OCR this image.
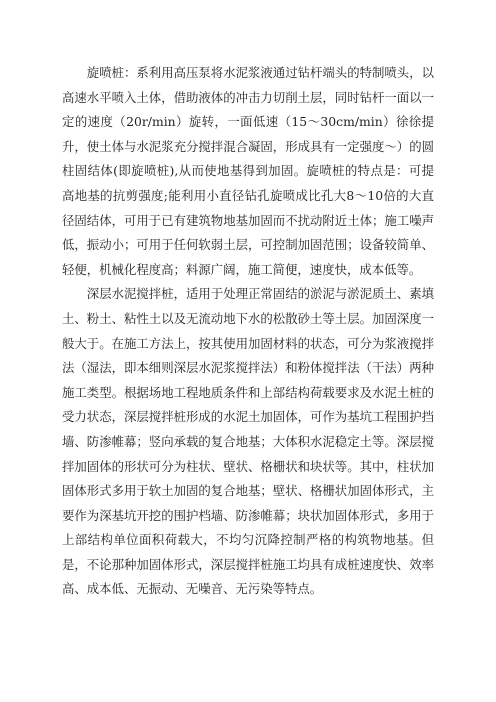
旋喷桩：系利用高压泵将水泥浆液通过钻杆端头的特制喷头，以高速水平喷入土体，借助液体的冲击力切削土层，同时钻杆一面以一定的速度（20r/min）旋转，一面低速（15～30cm/min）徐徐提升，使土体与水泥浆充分搅拌混合凝固，形成具有一定强度～）的圆柱固结体(即旋喷桩),从而使地基得到加固。旋喷桩的特点是：可提高地基的抗剪强度;能利用小直径钻孔旋喷成比孔大8～10倍的大直径固结体，可用于已有建筑物地基加固而不扰动附近土体；施工噪声低，振动小；可用于任何软弱土层，可控制加固范围；设备较简单、轻便，机械化程度高；料源广阔，施工简便，速度快，成本低等。

深层水泥搅拌桩，适用于处理正常固结的淤泥与淤泥质土、素填土、粉土、粘性土以及无流动地下水的松散砂土等土层。加固深度一般大于。在施工方法上，按其使用加固材料的状态，可分为浆液搅拌法（湿法，即本细则深层水泥浆搅拌法）和粉体搅拌法（干法）两种施工类型。根据场地工程地质条件和上部结构荷载要求及水泥土桩的受力状态，深层搅拌桩形成的水泥土加固体，可作为基坑工程围护挡墙、防渗帷幕；竖向承载的复合地基；大体积水泥稳定土等。深层搅拌加固体的形状可分为柱状、壁状、格栅状和块状等。其中，柱状加固体形式多用于软土加固的复合地基；壁状、格栅状加固体形式，主要作为深基坑开挖的围护档墙、防渗帷幕；块状加固体形式，多用于上部结构单位面积荷载大，不均匀沉降控制严格的构筑物地基。但是，不论那种加固体形式，深层搅拌桩施工均具有成桩速度快、效率高、成本低、无振动、无噪音、无污染等特点。
